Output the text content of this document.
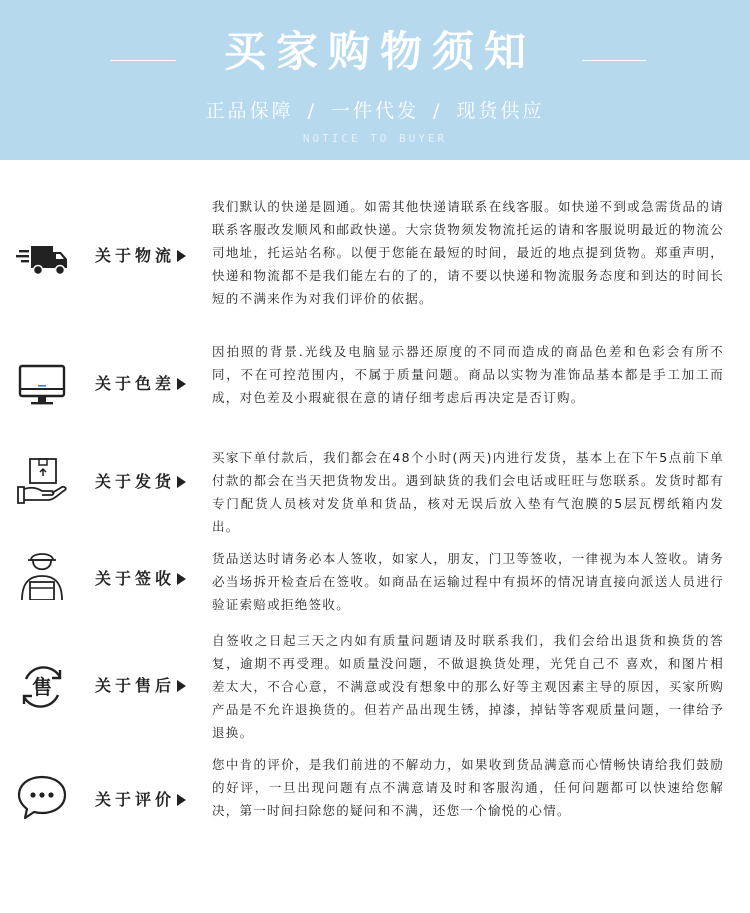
买家购物须知
正品保障 / 一件代发 / 现货供应
NOTICE TO BUYER
关于物流
我们默认的快递是圆通。如需其他快递请联系在线客服。如快递不到或急需货品的请联系客服改发顺风和邮政快递。大宗货物须发物流托运的请和客服说明最近的物流公司地址，托运站名称。以便于您能在最短的时间，最近的地点提到货物。郑重声明，快递和物流都不是我们能左右的了的，请不要以快递和物流服务态度和到达的时间长短的不满来作为对我们评价的依据。
关于色差
因拍照的背景.光线及电脑显示器还原度的不同而造成的商品色差和色彩会有所不同，不在可控范围内，不属于质量问题。商品以实物为准饰品基本都是手工加工而成，对色差及小瑕疵很在意的请仔细考虑后再决定是否订购。
关于发货
买家下单付款后，我们都会在48个小时(两天)内进行发货，基本上在下午5点前下单付款的都会在当天把货物发出。遇到缺货的我们会电话或旺旺与您联系。发货时都有专门配货人员核对发货单和货品，核对无误后放入垫有气泡膜的5层瓦楞纸箱内发出。
关于签收
货品送达时请务必本人签收，如家人，朋友，门卫等签收，一律视为本人签收。请务必当场拆开检查后在签收。如商品在运输过程中有损坏的情况请直接向派送人员进行验证索赔或拒绝签收。
售	关于售后
自签收之日起三天之内如有质量问题请及时联系我们，我们会给出退货和换货的答复，逾期不再受理。如质量没问题，不做退换货处理，光凭自己不 喜欢，和图片相差太大，不合心意，不满意或没有想象中的那么好等主观因素主导的原因，买家所购产品是不允许退换货的。但若产品出现生锈，掉漆，掉钻等客观质量问题，一律给予退换。
关于评价
您中肯的评价，是我们前进的不解动力，如果收到货品满意而心情畅快请给我们鼓励的好评，一旦出现问题有点不满意请及时和客服沟通，任何问题都可以快速给您解决，第一时间扫除您的疑问和不满，还您一个愉悦的心情。
